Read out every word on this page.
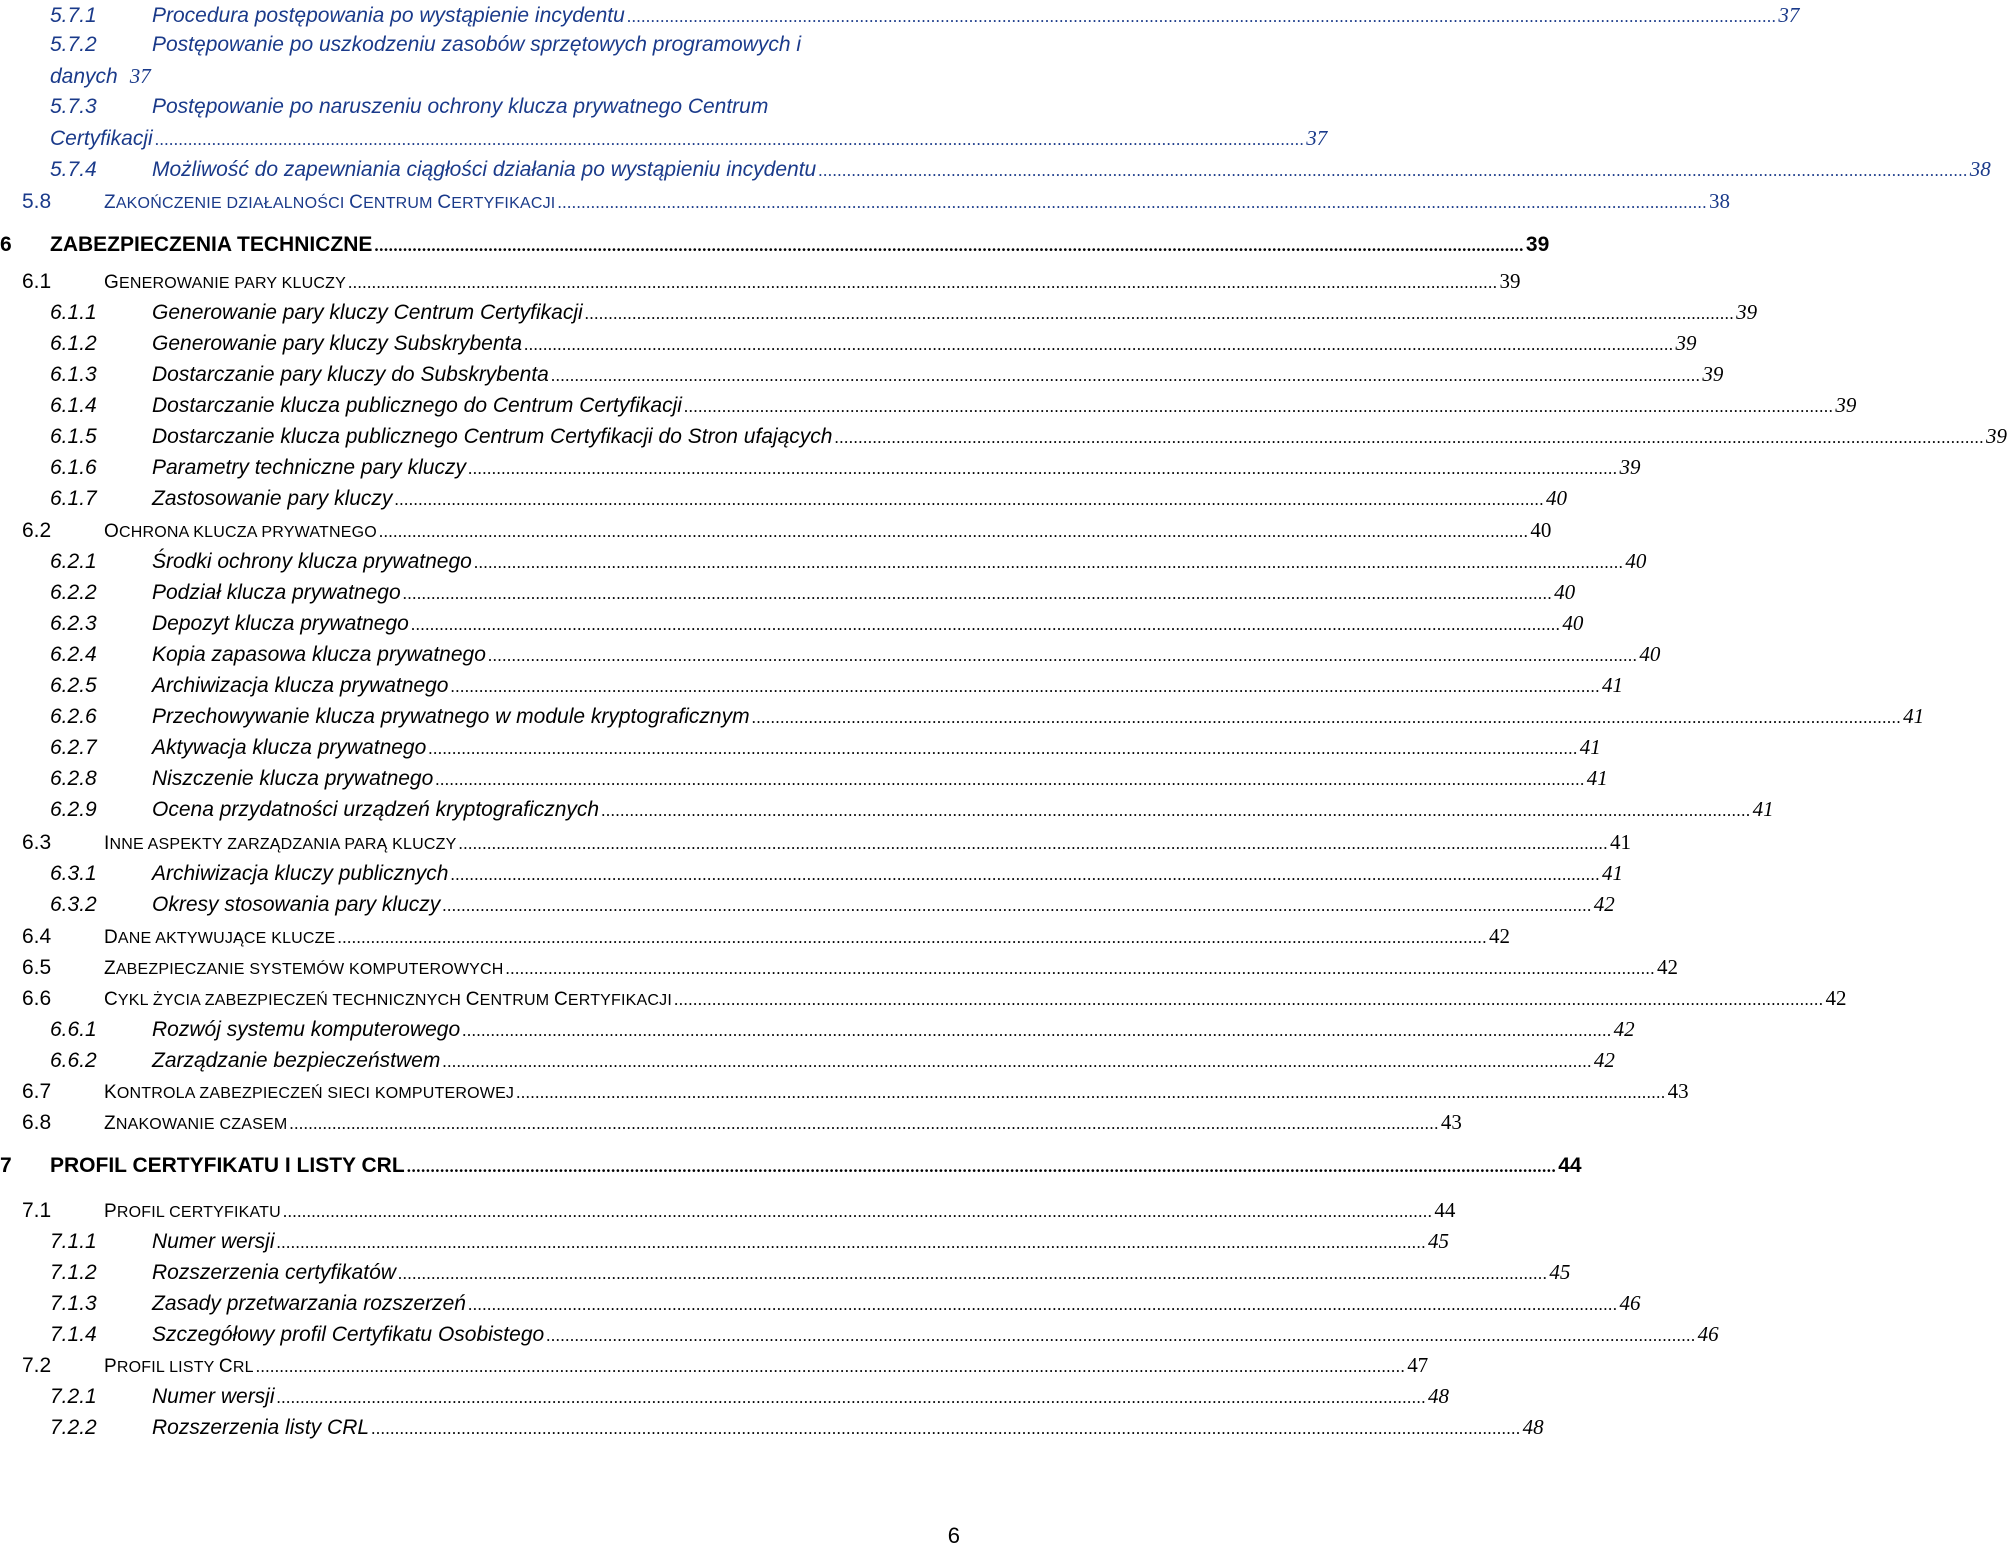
5.7.1	Procedura postępowania po wystąpienie incydentu .....	37
5.7.2	Postępowanie po uszkodzeniu zasobów sprzętowych programowych i
danych 37
5.7.3	Postępowanie po naruszeniu ochrony klucza prywatnego Centrum
Certyfikacji .....	37
5.7.4	Możliwość do zapewniania ciągłości działania po wystąpieniu incydentu .....	38
5.8	ZAKOŃCZENIE DZIAŁALNOŚCI CENTRUM CERTYFIKACJI .....	38
6	ZABEZPIECZENIA TECHNICZNE .....	39
6.1	GENEROWANIE PARY KLUCZY .....	39
6.1.1	Generowanie pary kluczy Centrum Certyfikacji .....	39
6.1.2	Generowanie pary kluczy Subskrybenta .....	39
6.1.3	Dostarczanie pary kluczy do Subskrybenta .....	39
6.1.4	Dostarczanie klucza publicznego do Centrum Certyfikacji .....	39
6.1.5	Dostarczanie klucza publicznego Centrum Certyfikacji do Stron ufających .....	39
6.1.6	Parametry techniczne pary kluczy .....	39
6.1.7	Zastosowanie pary kluczy .....	40
6.2	OCHRONA KLUCZA PRYWATNEGO .....	40
6.2.1	Środki ochrony klucza prywatnego .....	40
6.2.2	Podział klucza prywatnego .....	40
6.2.3	Depozyt klucza prywatnego .....	40
6.2.4	Kopia zapasowa klucza prywatnego .....	40
6.2.5	Archiwizacja klucza prywatnego .....	41
6.2.6	Przechowywanie klucza prywatnego w module kryptograficznym .....	41
6.2.7	Aktywacja klucza prywatnego .....	41
6.2.8	Niszczenie klucza prywatnego .....	41
6.2.9	Ocena przydatności urządzeń kryptograficznych .....	41
6.3	INNE ASPEKTY ZARZĄDZANIA PARĄ KLUCZY .....	41
6.3.1	Archiwizacja kluczy publicznych .....	41
6.3.2	Okresy stosowania pary kluczy .....	42
6.4	DANE AKTYWUJĄCE KLUCZE .....	42
6.5	ZABEZPIECZANIE SYSTEMÓW KOMPUTEROWYCH .....	42
6.6	CYKL ŻYCIA ZABEZPIECZEŃ TECHNICZNYCH CENTRUM CERTYFIKACJI .....	42
6.6.1	Rozwój systemu komputerowego .....	42
6.6.2	Zarządzanie bezpieczeństwem .....	42
6.7	KONTROLA ZABEZPIECZEŃ SIECI KOMPUTEROWEJ .....	43
6.8	ZNAKOWANIE CZASEM .....	43
7	PROFIL CERTYFIKATU I LISTY CRL .....	44
7.1	PROFIL CERTYFIKATU .....	44
7.1.1	Numer wersji .....	45
7.1.2	Rozszerzenia certyfikatów .....	45
7.1.3	Zasady przetwarzania rozszerzeń .....	46
7.1.4	Szczegółowy profil Certyfikatu Osobistego .....	46
7.2	PROFIL LISTY CRL .....	47
7.2.1	Numer wersji .....	48
7.2.2	Rozszerzenia listy CRL .....	48
6
